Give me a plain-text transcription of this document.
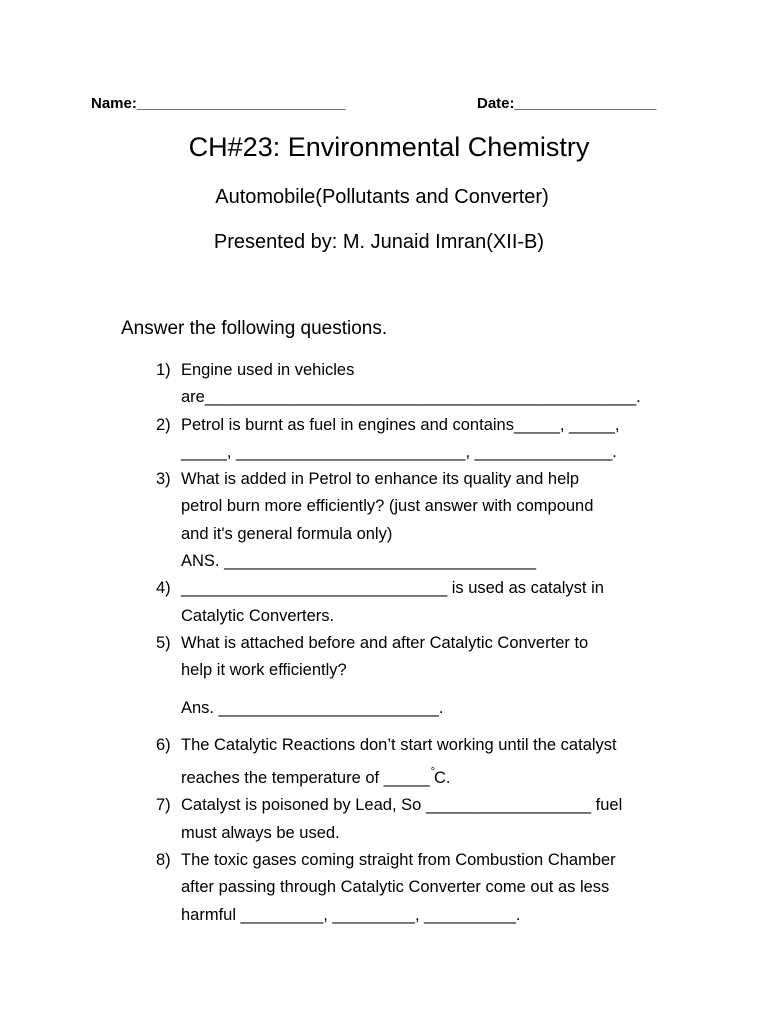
Name:_________________________	Date:_________________
CH#23: Environmental Chemistry
Automobile(Pollutants and Converter)
Presented by: M. Junaid Imran(XII-B)
Answer the following questions.
1) Engine used in vehicles
are_______________________________________________.
2) Petrol is burnt as fuel in engines and contains_____, _____,
_____, _________________________, _______________.
3) What is added in Petrol to enhance its quality and help
petrol burn more efficiently? (just answer with compound
and it's general formula only)
ANS. __________________________________
4) _____________________________ is used as catalyst in
Catalytic Converters.
5) What is attached before and after Catalytic Converter to
help it work efficiently?
Ans. ________________________.
6) The Catalytic Reactions don’t start working until the catalyst
reaches the temperature of _____°C.
7) Catalyst is poisoned by Lead, So __________________ fuel
must always be used.
8) The toxic gases coming straight from Combustion Chamber
after passing through Catalytic Converter come out as less
harmful _________, _________, __________.
